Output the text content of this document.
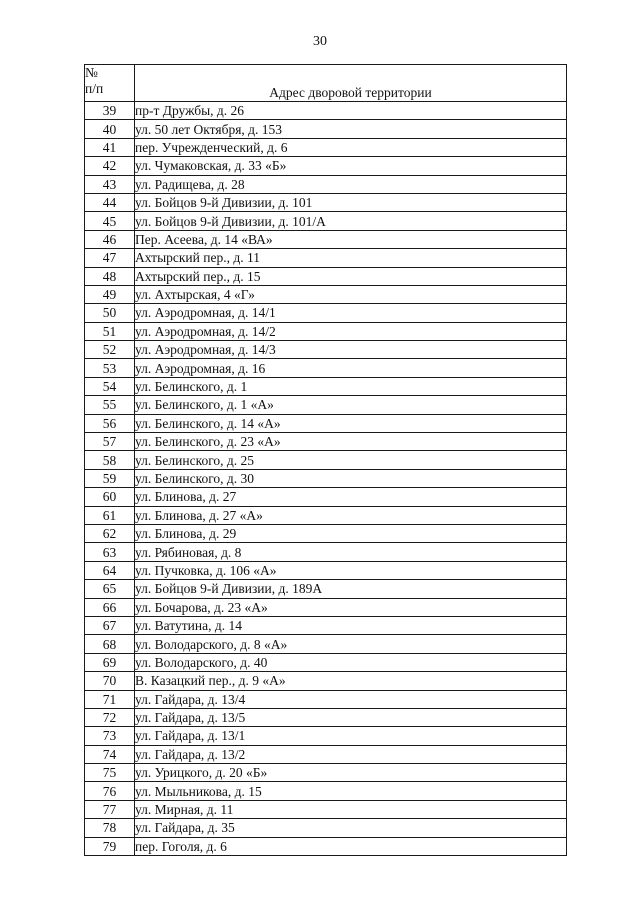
30
№
п/п	Адрес дворовой территории
39	пр-т Дружбы, д. 26
40	ул. 50 лет Октября, д. 153
41	пер. Учрежденческий, д. 6
42	ул. Чумаковская, д. 33 «Б»
43	ул. Радищева, д. 28
44	ул. Бойцов 9-й Дивизии, д. 101
45	ул. Бойцов 9-й Дивизии, д. 101/А
46	Пер. Асеева, д. 14 «ВА»
47	Ахтырский пер., д. 11
48	Ахтырский пер., д. 15
49	ул. Ахтырская, 4 «Г»
50	ул. Аэродромная, д. 14/1
51	ул. Аэродромная, д. 14/2
52	ул. Аэродромная, д. 14/3
53	ул. Аэродромная, д. 16
54	ул. Белинского, д. 1
55	ул. Белинского, д. 1 «А»
56	ул. Белинского, д. 14 «А»
57	ул. Белинского, д. 23 «А»
58	ул. Белинского, д. 25
59	ул. Белинского, д. 30
60	ул. Блинова, д. 27
61	ул. Блинова, д. 27 «А»
62	ул. Блинова, д. 29
63	ул. Рябиновая, д. 8
64	ул. Пучковка, д. 106 «А»
65	ул. Бойцов 9-й Дивизии, д. 189А
66	ул. Бочарова, д. 23 «А»
67	ул. Ватутина, д. 14
68	ул. Володарского, д. 8 «А»
69	ул. Володарского, д. 40
70	В. Казацкий пер., д. 9 «А»
71	ул. Гайдара, д. 13/4
72	ул. Гайдара, д. 13/5
73	ул. Гайдара, д. 13/1
74	ул. Гайдара, д. 13/2
75	ул. Урицкого, д. 20 «Б»
76	ул. Мыльникова, д. 15
77	ул. Мирная, д. 11
78	ул. Гайдара, д. 35
79	пер. Гоголя, д. 6
